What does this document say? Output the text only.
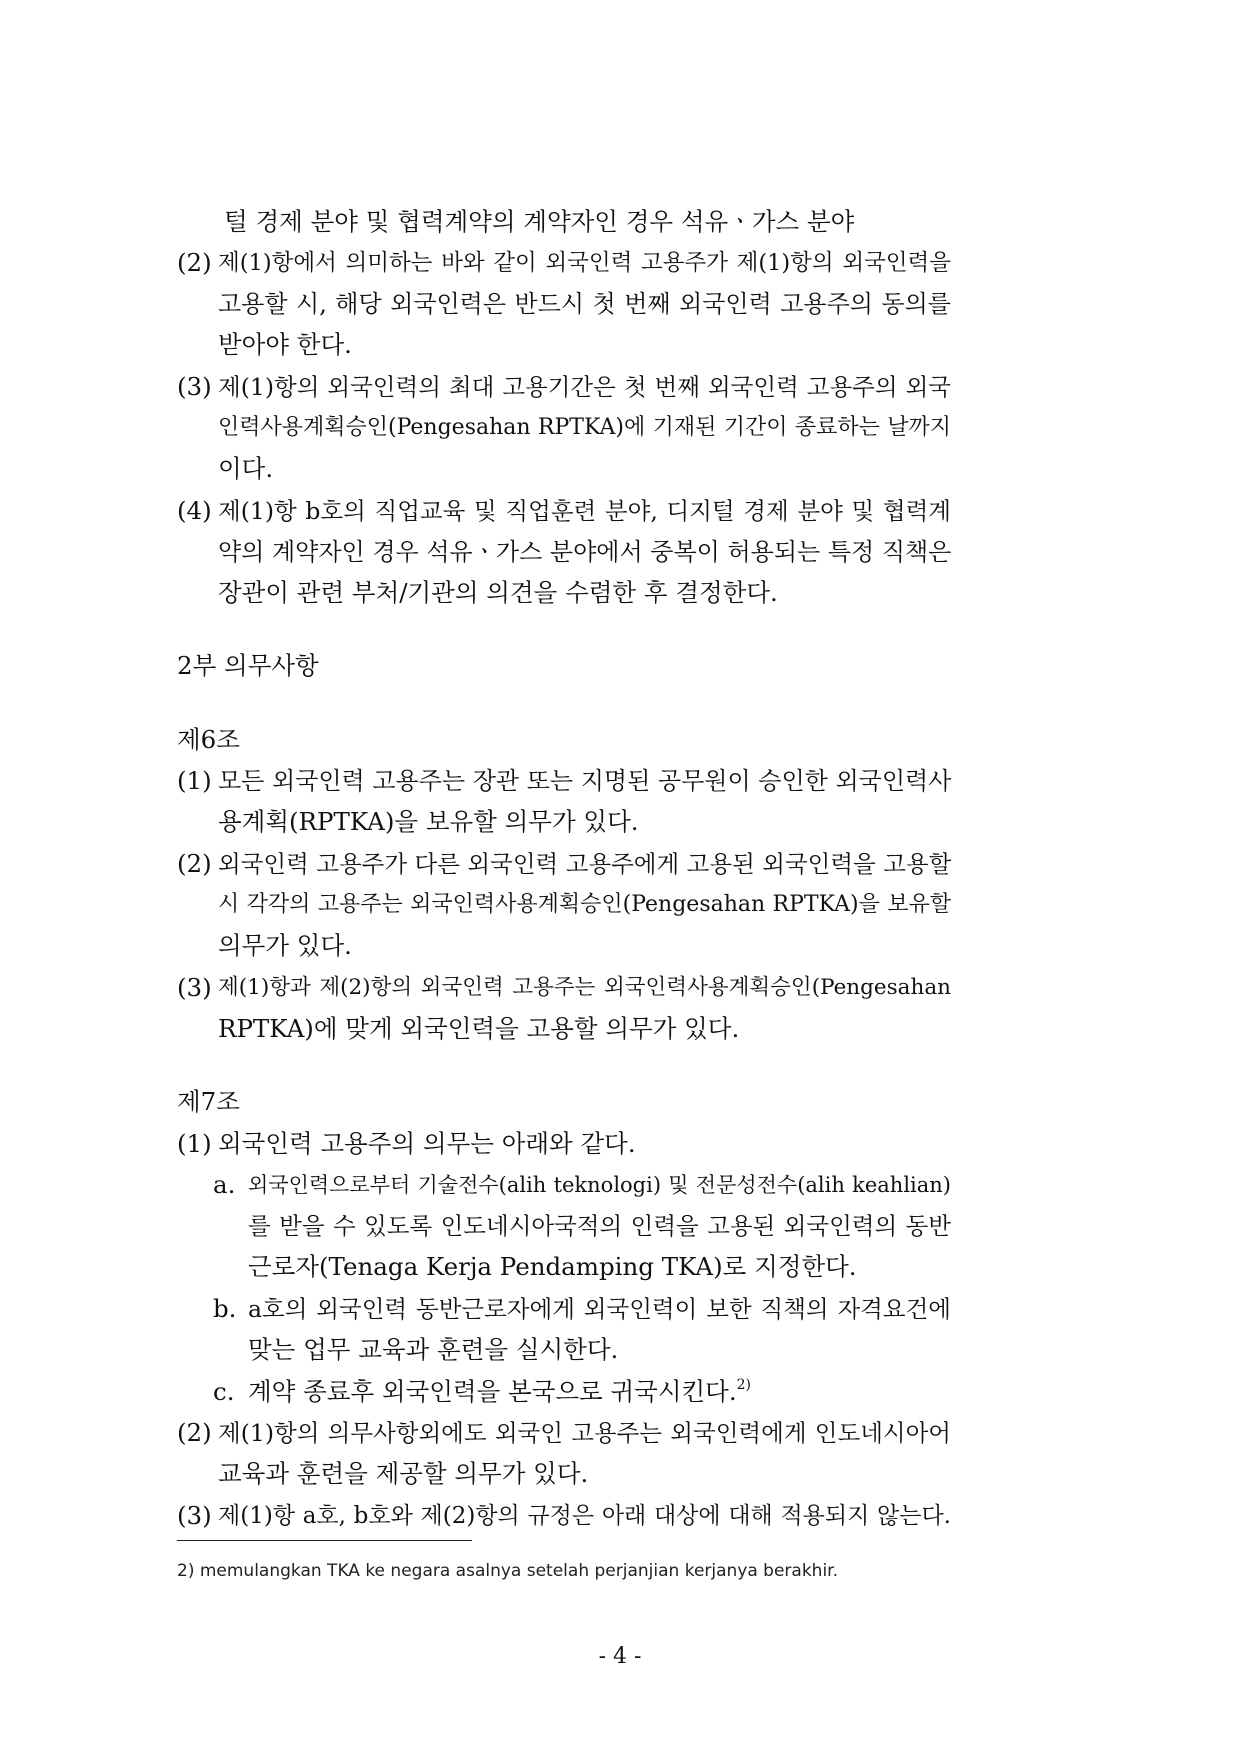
털 경제 분야 및 협력계약의 계약자인 경우 석유ㆍ가스 분야
(2) 제(1)항에서 의미하는 바와 같이 외국인력 고용주가 제(1)항의 외국인력을
고용할 시, 해당 외국인력은 반드시 첫 번째 외국인력 고용주의 동의를
받아야 한다.
(3) 제(1)항의 외국인력의 최대 고용기간은 첫 번째 외국인력 고용주의 외국
인력사용계획승인(Pengesahan RPTKA)에 기재된 기간이 종료하는 날까지
이다.
(4) 제(1)항 b호의 직업교육 및 직업훈련 분야, 디지털 경제 분야 및 협력계
약의 계약자인 경우 석유ㆍ가스 분야에서 중복이 허용되는 특정 직책은
장관이 관련 부처/기관의 의견을 수렴한 후 결정한다.
2부 의무사항
제6조
(1) 모든 외국인력 고용주는 장관 또는 지명된 공무원이 승인한 외국인력사
용계획(RPTKA)을 보유할 의무가 있다.
(2) 외국인력 고용주가 다른 외국인력 고용주에게 고용된 외국인력을 고용할
시 각각의 고용주는 외국인력사용계획승인(Pengesahan RPTKA)을 보유할
의무가 있다.
(3) 제(1)항과 제(2)항의 외국인력 고용주는 외국인력사용계획승인(Pengesahan
RPTKA)에 맞게 외국인력을 고용할 의무가 있다.
제7조
(1) 외국인력 고용주의 의무는 아래와 같다.
a. 외국인력으로부터 기술전수(alih teknologi) 및 전문성전수(alih keahlian)
를 받을 수 있도록 인도네시아국적의 인력을 고용된 외국인력의 동반
근로자(Tenaga Kerja Pendamping TKA)로 지정한다.
b. a호의 외국인력 동반근로자에게 외국인력이 보한 직책의 자격요건에
맞는 업무 교육과 훈련을 실시한다.
c. 계약 종료후 외국인력을 본국으로 귀국시킨다.$^{2)}$
(2) 제(1)항의 의무사항외에도 외국인 고용주는 외국인력에게 인도네시아어
교육과 훈련을 제공할 의무가 있다.
(3) 제(1)항 a호, b호와 제(2)항의 규정은 아래 대상에 대해 적용되지 않는다.
2) memulangkan TKA ke negara asalnya setelah perjanjian kerjanya berakhir.
- 4 -
